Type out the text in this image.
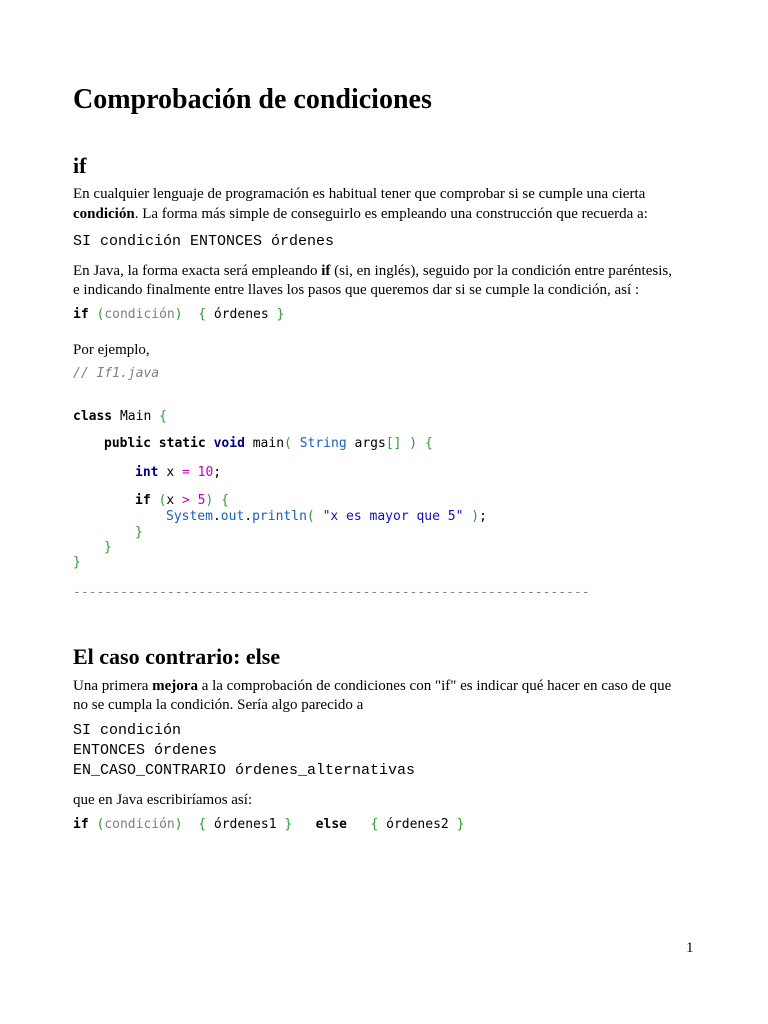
Comprobación de condiciones
if
En cualquier lenguaje de programación es habitual tener que comprobar si se cumple una cierta
condición. La forma más simple de conseguirlo es empleando una construcción que recuerda a:
SI condición ENTONCES órdenes
En Java, la forma exacta será empleando if (si, en inglés), seguido por la condición entre paréntesis,
e indicando finalmente entre llaves los pasos que queremos dar si se cumple la condición, así :
if (condición) { órdenes }
Por ejemplo,
// If1.java
class Main {
public static void main( String args[] ) {
int x = 10;
if (x > 5) {
System.out.println( "x es mayor que 5" );
}
}
}
------------------------------------------------------------------
El caso contrario: else
Una primera mejora a la comprobación de condiciones con "if" es indicar qué hacer en caso de que
no se cumpla la condición. Sería algo parecido a
SI condición
ENTONCES órdenes
EN_CASO_CONTRARIO órdenes_alternativas
que en Java escribiríamos así:
if (condición) { órdenes1 } else { órdenes2 }
1
